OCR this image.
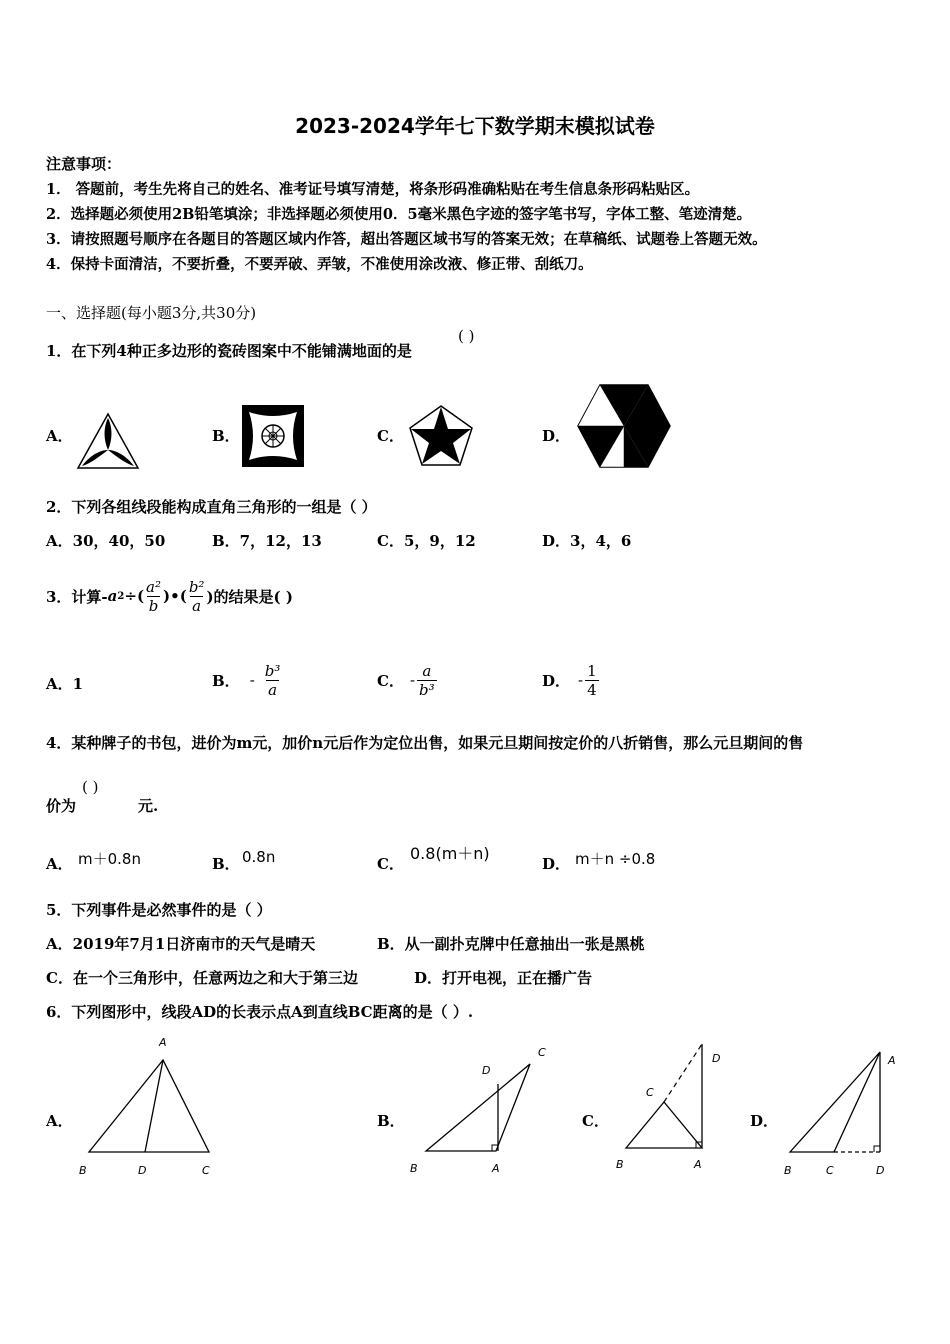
2023-2024学年七下数学期末模拟试卷
注意事项：
1． 答题前，考生先将自己的姓名、准考证号填写清楚，将条形码准确粘贴在考生信息条形码粘贴区。
2．选择题必须使用2B铅笔填涂；非选择题必须使用0．5毫米黑色字迹的签字笔书写，字体工整、笔迹清楚。
3．请按照题号顺序在各题目的答题区域内作答，超出答题区域书写的答案无效；在草稿纸、试题卷上答题无效。
4．保持卡面清洁，不要折叠，不要弄破、弄皱，不准使用涂改液、修正带、刮纸刀。
一、选择题(每小题3分,共30分)
1．在下列4种正多边形的瓷砖图案中不能铺满地面的是
( )
A．	B．	C．	D．
2．下列各组线段能构成直角三角形的一组是（ ）
A．30，40，50	B．7，12，13	C．5，9，12	D．3，4，6
3．计算- a 2 ÷( $\frac{\text{a²}}{b}$ )•( $\frac{\text{b²}}{a}$ )的结果是( )
A．1	B． - $\frac{\text{b³}}{a}$	C． - $\frac{a}{\text{b³}}$	D． - $\frac{1}{4}$
4．某种牌子的书包，进价为m元，加价n元后作为定位出售，如果元旦期间按定价的八折销售，那么元旦期间的售
价为
( )
元.
A． m＋0.8n	B． 0.8n	C．
0.8(m＋n)
D． m＋n ÷0.8
5．下列事件是必然事件的是（ ）
A．2019年7月1日济南市的天气是晴天	B．从一副扑克牌中任意抽出一张是黑桃
C．在一个三角形中，任意两边之和大于第三边	D．打开电视，正在播广告
6．下列图形中，线段AD的长表示点A到直线BC距离的是（ ）.
A．
A
B	D	C
B．
C
D
B	A
C．
D
C
B	A
D．
A
B	C	D
